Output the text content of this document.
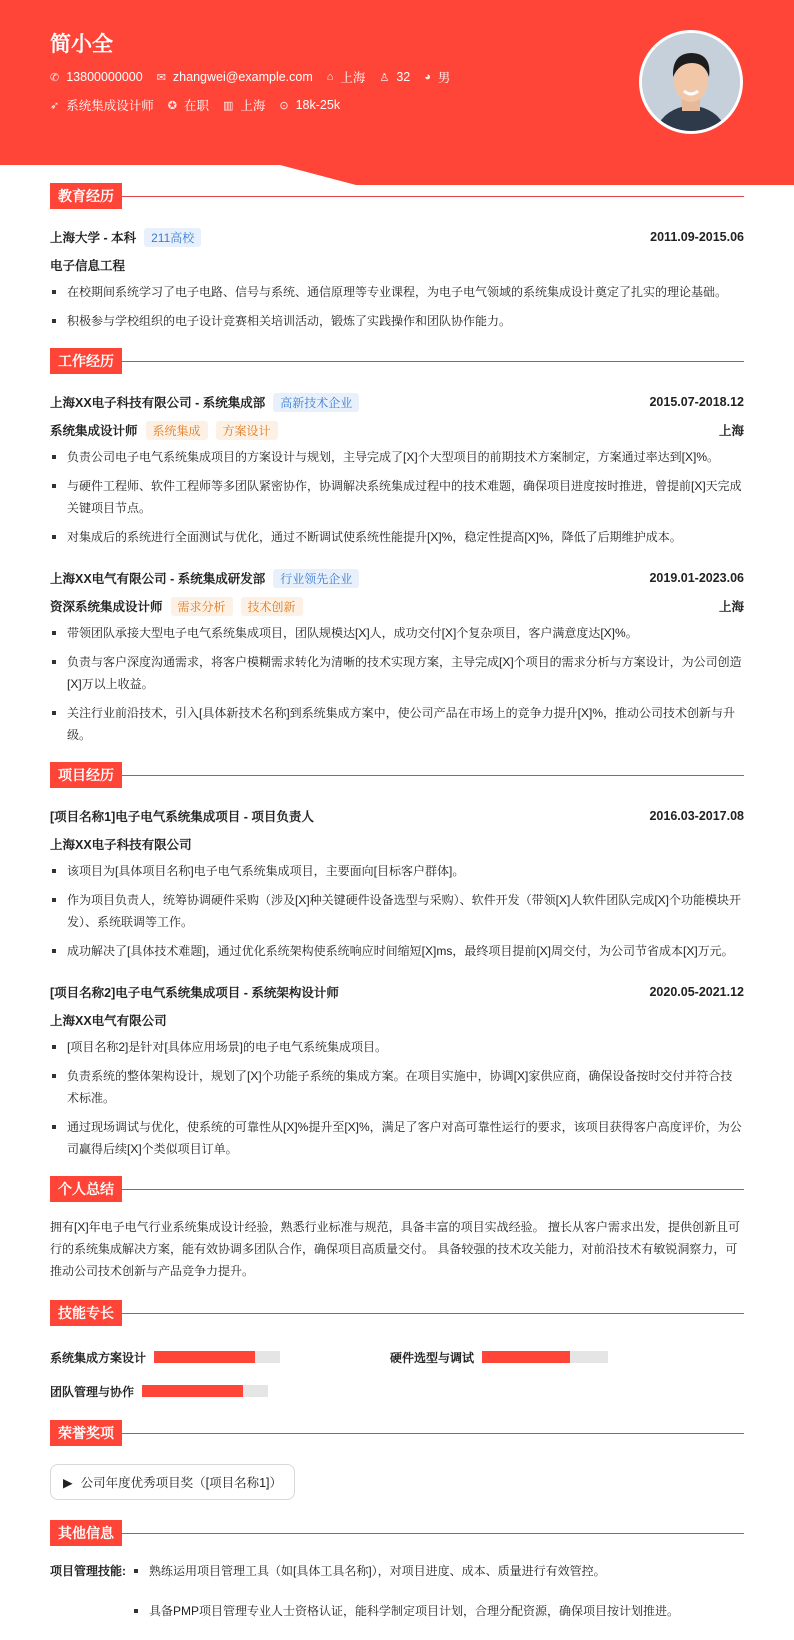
简小全
✆ 13800000000 ✉ zhangwei@example.com ⌂ 上海 ♙ 32 ◕ 男
➶ 系统集成设计师 ✪ 在职 ▥ 上海 ⊙ 18k-25k
教育经历
上海大学 - 本科	211高校	2011.09-2015.06
电子信息工程
在校期间系统学习了电子电路、信号与系统、通信原理等专业课程，为电子电气领域的系统集成设计奠定了扎实的理论基础。
积极参与学校组织的电子设计竞赛相关培训活动，锻炼了实践操作和团队协作能力。
工作经历
上海XX电子科技有限公司 - 系统集成部	高新技术企业	2015.07-2018.12
系统集成设计师	系统集成	方案设计	上海
负责公司电子电气系统集成项目的方案设计与规划，主导完成了[X]个大型项目的前期技术方案制定，方案通过率达到[X]%。
与硬件工程师、软件工程师等多团队紧密协作，协调解决系统集成过程中的技术难题，确保项目进度按时推进，曾提前[X]天完成关键项目节点。
对集成后的系统进行全面测试与优化，通过不断调试使系统性能提升[X]%，稳定性提高[X]%，降低了后期维护成本。
上海XX电气有限公司 - 系统集成研发部	行业领先企业	2019.01-2023.06
资深系统集成设计师	需求分析	技术创新	上海
带领团队承接大型电子电气系统集成项目，团队规模达[X]人，成功交付[X]个复杂项目，客户满意度达[X]%。
负责与客户深度沟通需求，将客户模糊需求转化为清晰的技术实现方案，主导完成[X]个项目的需求分析与方案设计，为公司创造[X]万以上收益。
关注行业前沿技术，引入[具体新技术名称]到系统集成方案中，使公司产品在市场上的竞争力提升[X]%，推动公司技术创新与升级。
项目经历
[项目名称1]电子电气系统集成项目 - 项目负责人	2016.03-2017.08
上海XX电子科技有限公司
该项目为[具体项目名称]电子电气系统集成项目，主要面向[目标客户群体]。
作为项目负责人，统筹协调硬件采购（涉及[X]种关键硬件设备选型与采购）、软件开发（带领[X]人软件团队完成[X]个功能模块开发）、系统联调等工作。
成功解决了[具体技术难题]，通过优化系统架构使系统响应时间缩短[X]ms，最终项目提前[X]周交付，为公司节省成本[X]万元。
[项目名称2]电子电气系统集成项目 - 系统架构设计师	2020.05-2021.12
上海XX电气有限公司
[项目名称2]是针对[具体应用场景]的电子电气系统集成项目。
负责系统的整体架构设计，规划了[X]个功能子系统的集成方案。在项目实施中，协调[X]家供应商，确保设备按时交付并符合技术标准。
通过现场调试与优化，使系统的可靠性从[X]%提升至[X]%，满足了客户对高可靠性运行的要求，该项目获得客户高度评价，为公司赢得后续[X]个类似项目订单。
个人总结

拥有[X]年电子电气行业系统集成设计经验，熟悉行业标准与规范，具备丰富的项目实战经验。 擅长从客户需求出发，提供创新且可行的系统集成解决方案，能有效协调多团队合作，确保项目高质量交付。 具备较强的技术攻关能力，对前沿技术有敏锐洞察力，可推动公司技术创新与产品竞争力提升。

技能专长
系统集成方案设计	硬件选型与调试
团队管理与协作
荣誉奖项
▶ 公司年度优秀项目奖（[项目名称1]）
其他信息
项目管理技能:	熟练运用项目管理工具（如[具体工具名称]），对项目进度、成本、质量进行有效管控。
具备PMP项目管理专业人士资格认证，能科学制定项目计划，合理分配资源，确保项目按计划推进。
